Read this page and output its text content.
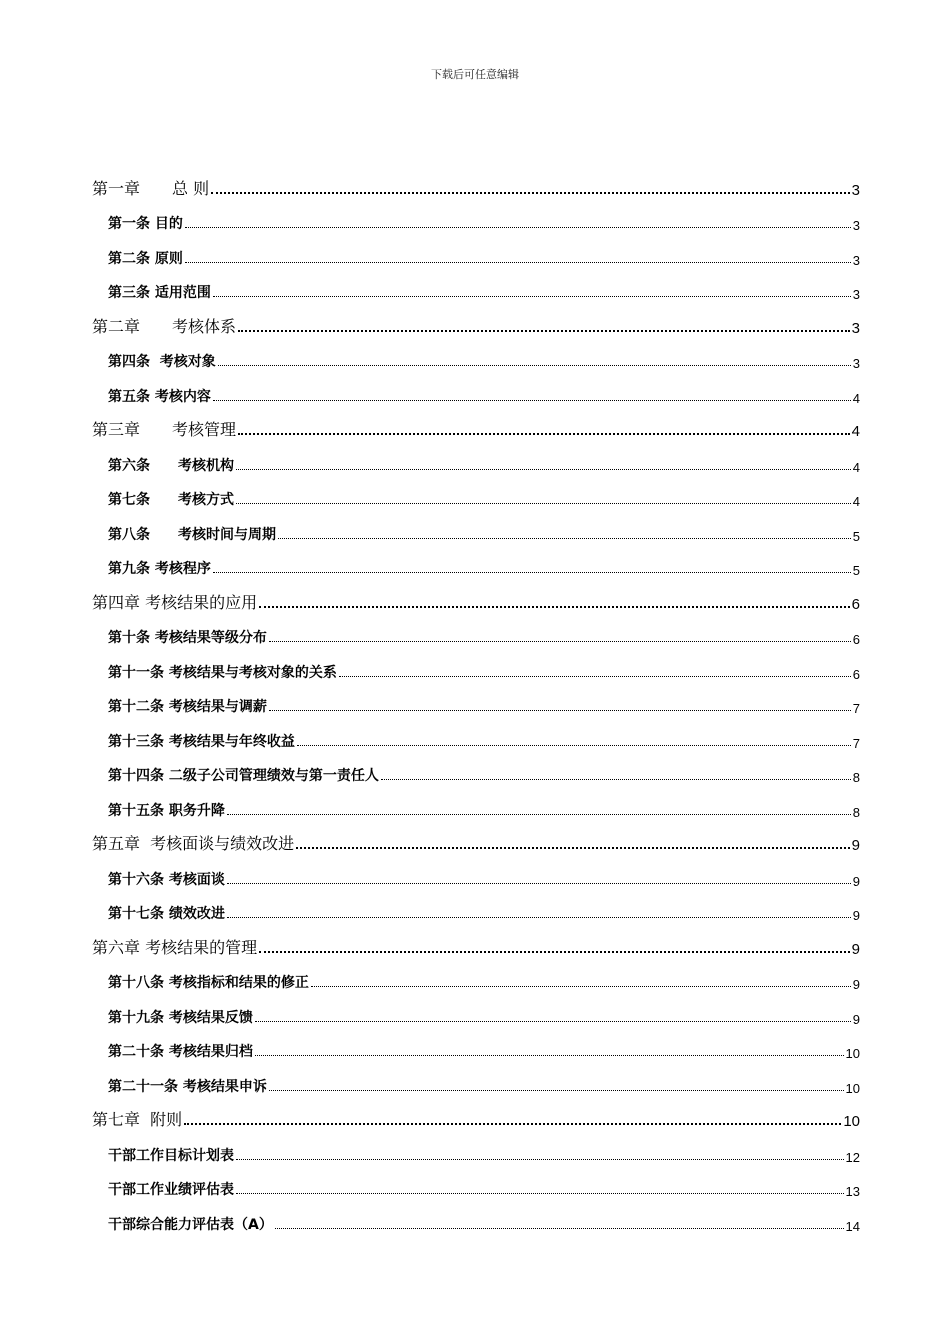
下载后可任意编辑
第一章　　总 则	3
第一条 目的	3
第二条 原则	3
第三条 适用范围	3
第二章　　考核体系	3
第四条  考核对象	3
第五条 考核内容	4
第三章　　考核管理	4
第六条　　考核机构	4
第七条　　考核方式	4
第八条　　考核时间与周期	5
第九条 考核程序	5
第四章 考核结果的应用	6
第十条 考核结果等级分布	6
第十一条 考核结果与考核对象的关系	6
第十二条 考核结果与调薪	7
第十三条 考核结果与年终收益	7
第十四条 二级子公司管理绩效与第一责任人	8
第十五条 职务升降	8
第五章  考核面谈与绩效改进	9
第十六条 考核面谈	9
第十七条 绩效改进	9
第六章 考核结果的管理	9
第十八条 考核指标和结果的修正	9
第十九条 考核结果反馈	9
第二十条 考核结果归档	10
第二十一条 考核结果申诉	10
第七章  附则	10
干部工作目标计划表	12
干部工作业绩评估表	13
干部综合能力评估表（A）	14
